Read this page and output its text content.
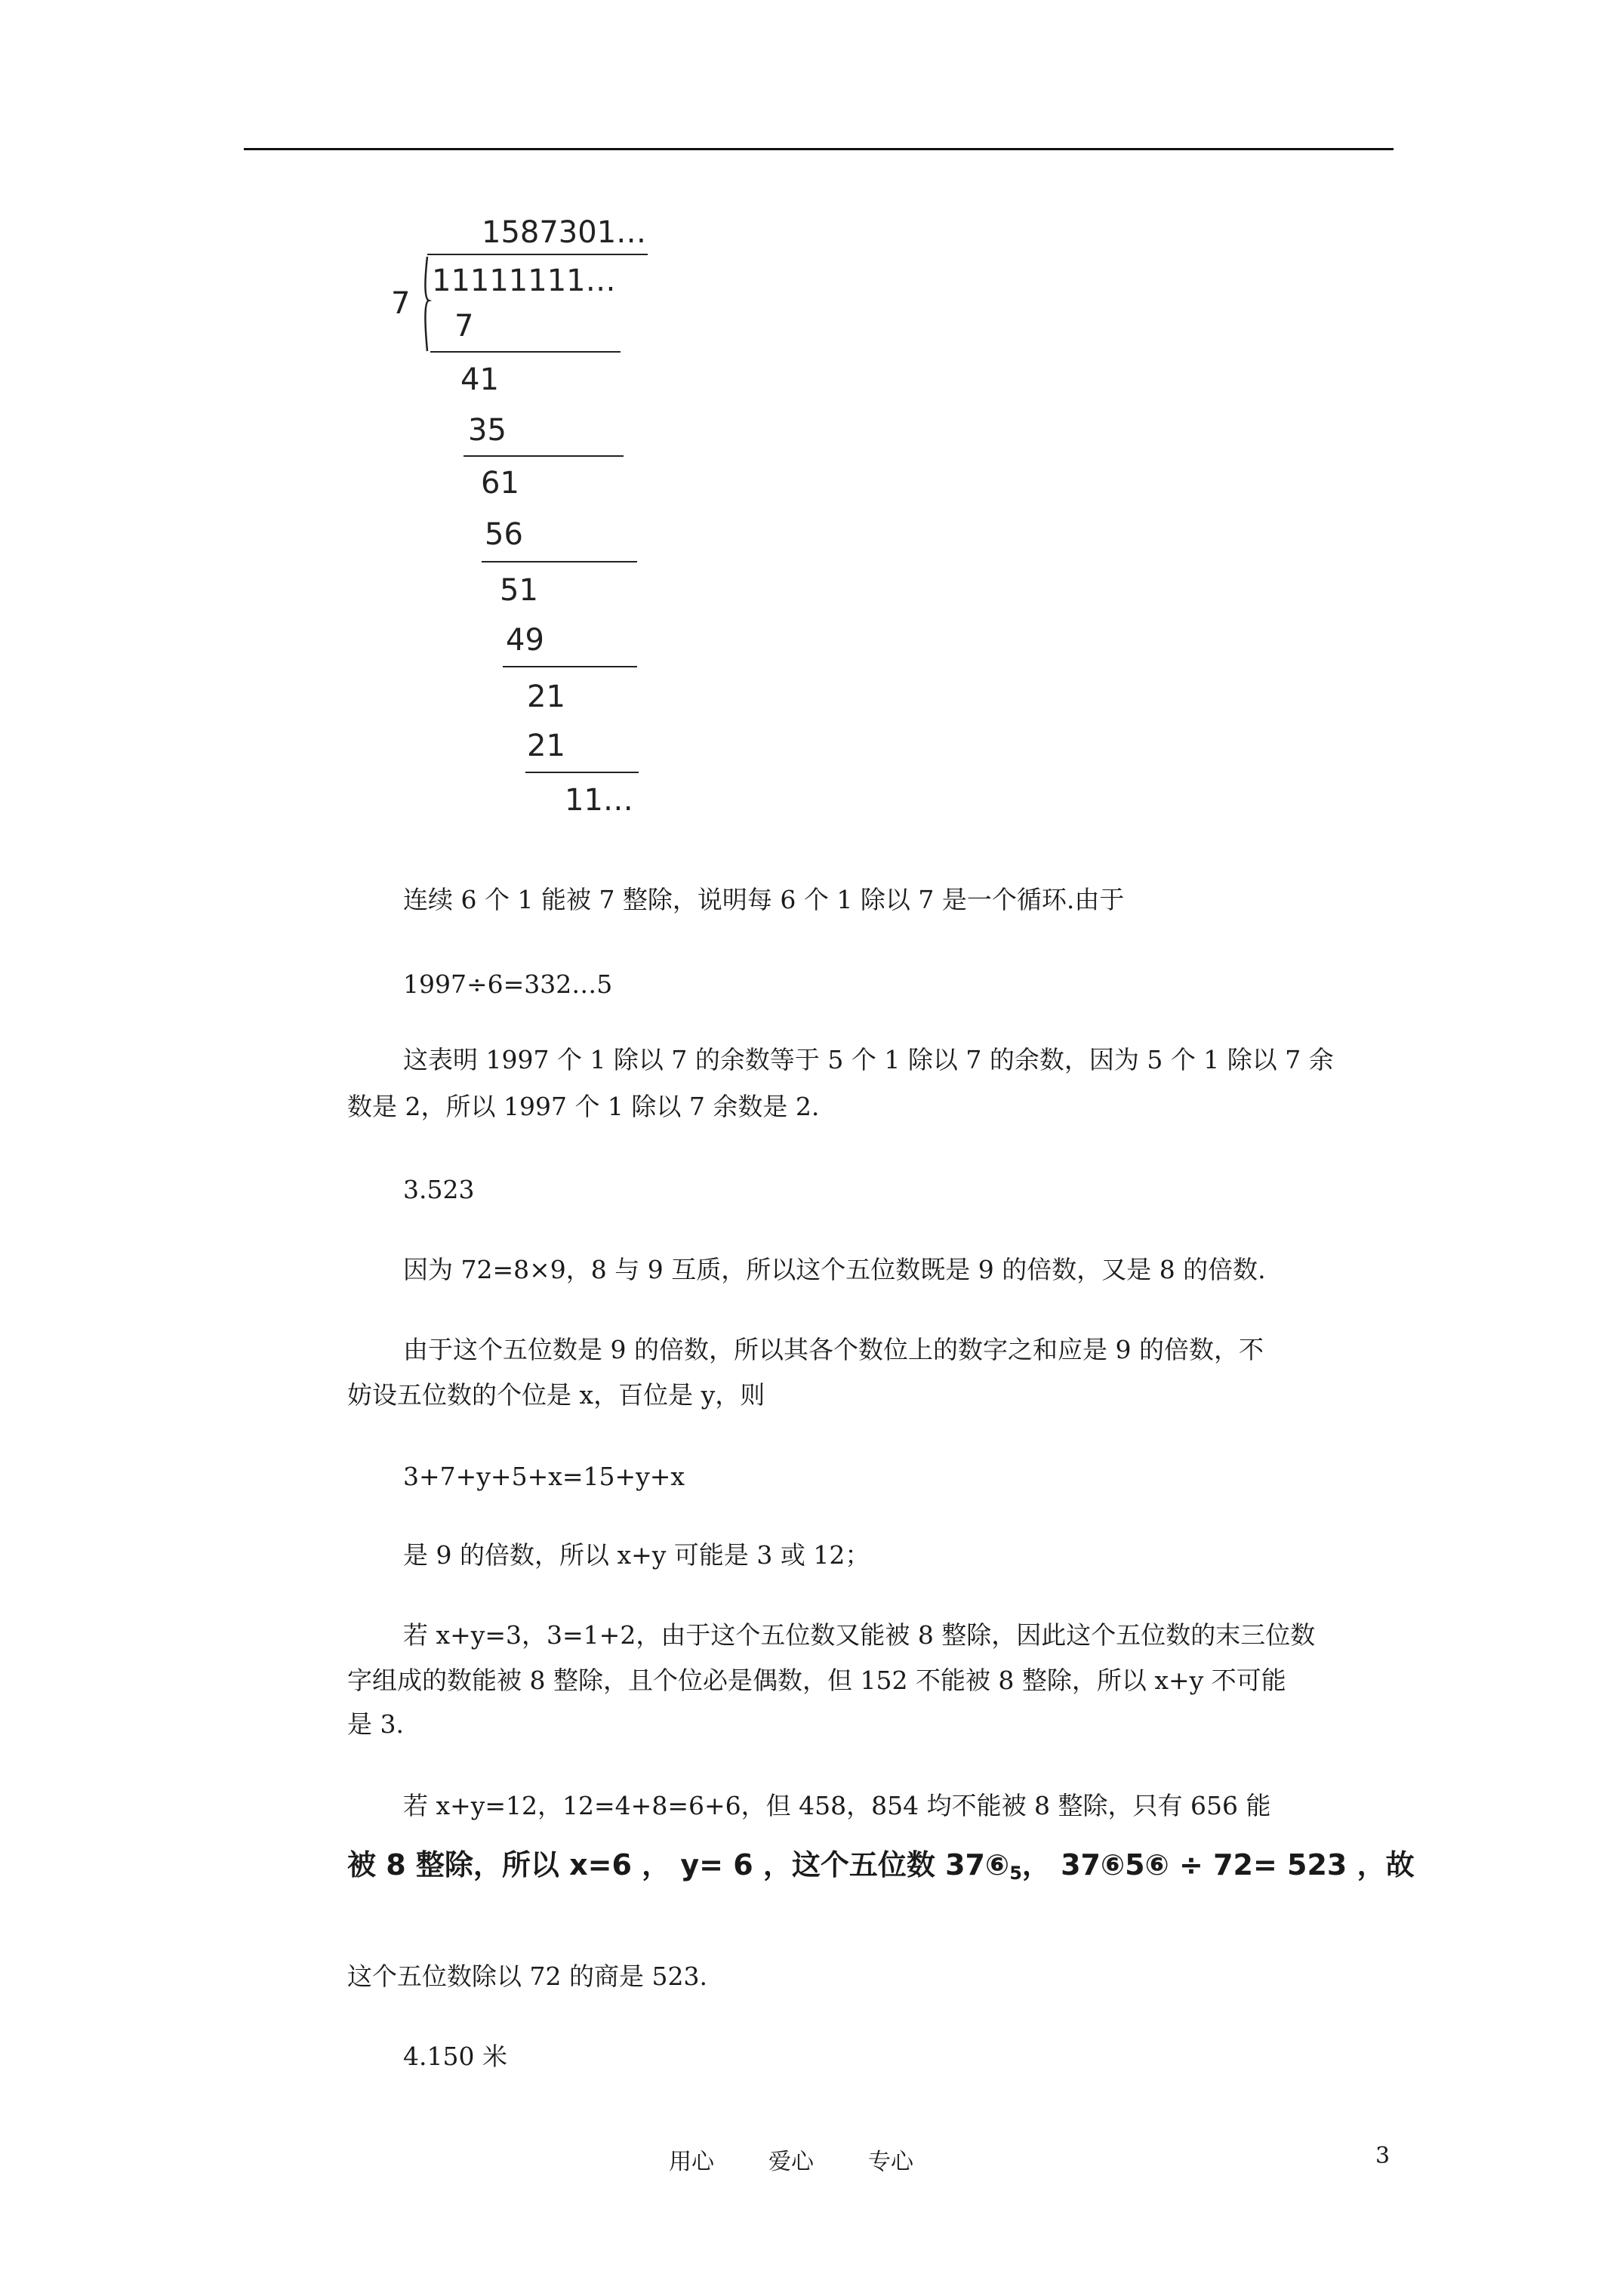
1587301…
7
11111111…
7
41
35
61
56
51
49
21
21
11…
连续 6 个 1 能被 7 整除，说明每 6 个 1 除以 7 是一个循环.由于
1997÷6=332…5
这表明 1997 个 1 除以 7 的余数等于 5 个 1 除以 7 的余数，因为 5 个 1 除以 7 余
数是 2，所以 1997 个 1 除以 7 余数是 2.
3.523
因为 72=8×9，8 与 9 互质，所以这个五位数既是 9 的倍数，又是 8 的倍数.
由于这个五位数是 9 的倍数，所以其各个数位上的数字之和应是 9 的倍数，不
妨设五位数的个位是 x，百位是 y，则
3+7+y+5+x=15+y+x
是 9 的倍数，所以 x+y 可能是 3 或 12；
若 x+y=3，3=1+2，由于这个五位数又能被 8 整除，因此这个五位数的末三位数
字组成的数能被 8 整除，且个位必是偶数，但 152 不能被 8 整除，所以 x+y 不可能
是 3.
若 x+y=12，12=4+8=6+6，但 458，854 均不能被 8 整除，只有 656 能
被 8 整除，所以 x=6 ， y= 6 ，这个五位数 $37⑥_5$， 37⑥5⑥ ÷ 72= 523 ，故
这个五位数除以 72 的商是 523.
4.150 米
用心 爱心 专心	3
